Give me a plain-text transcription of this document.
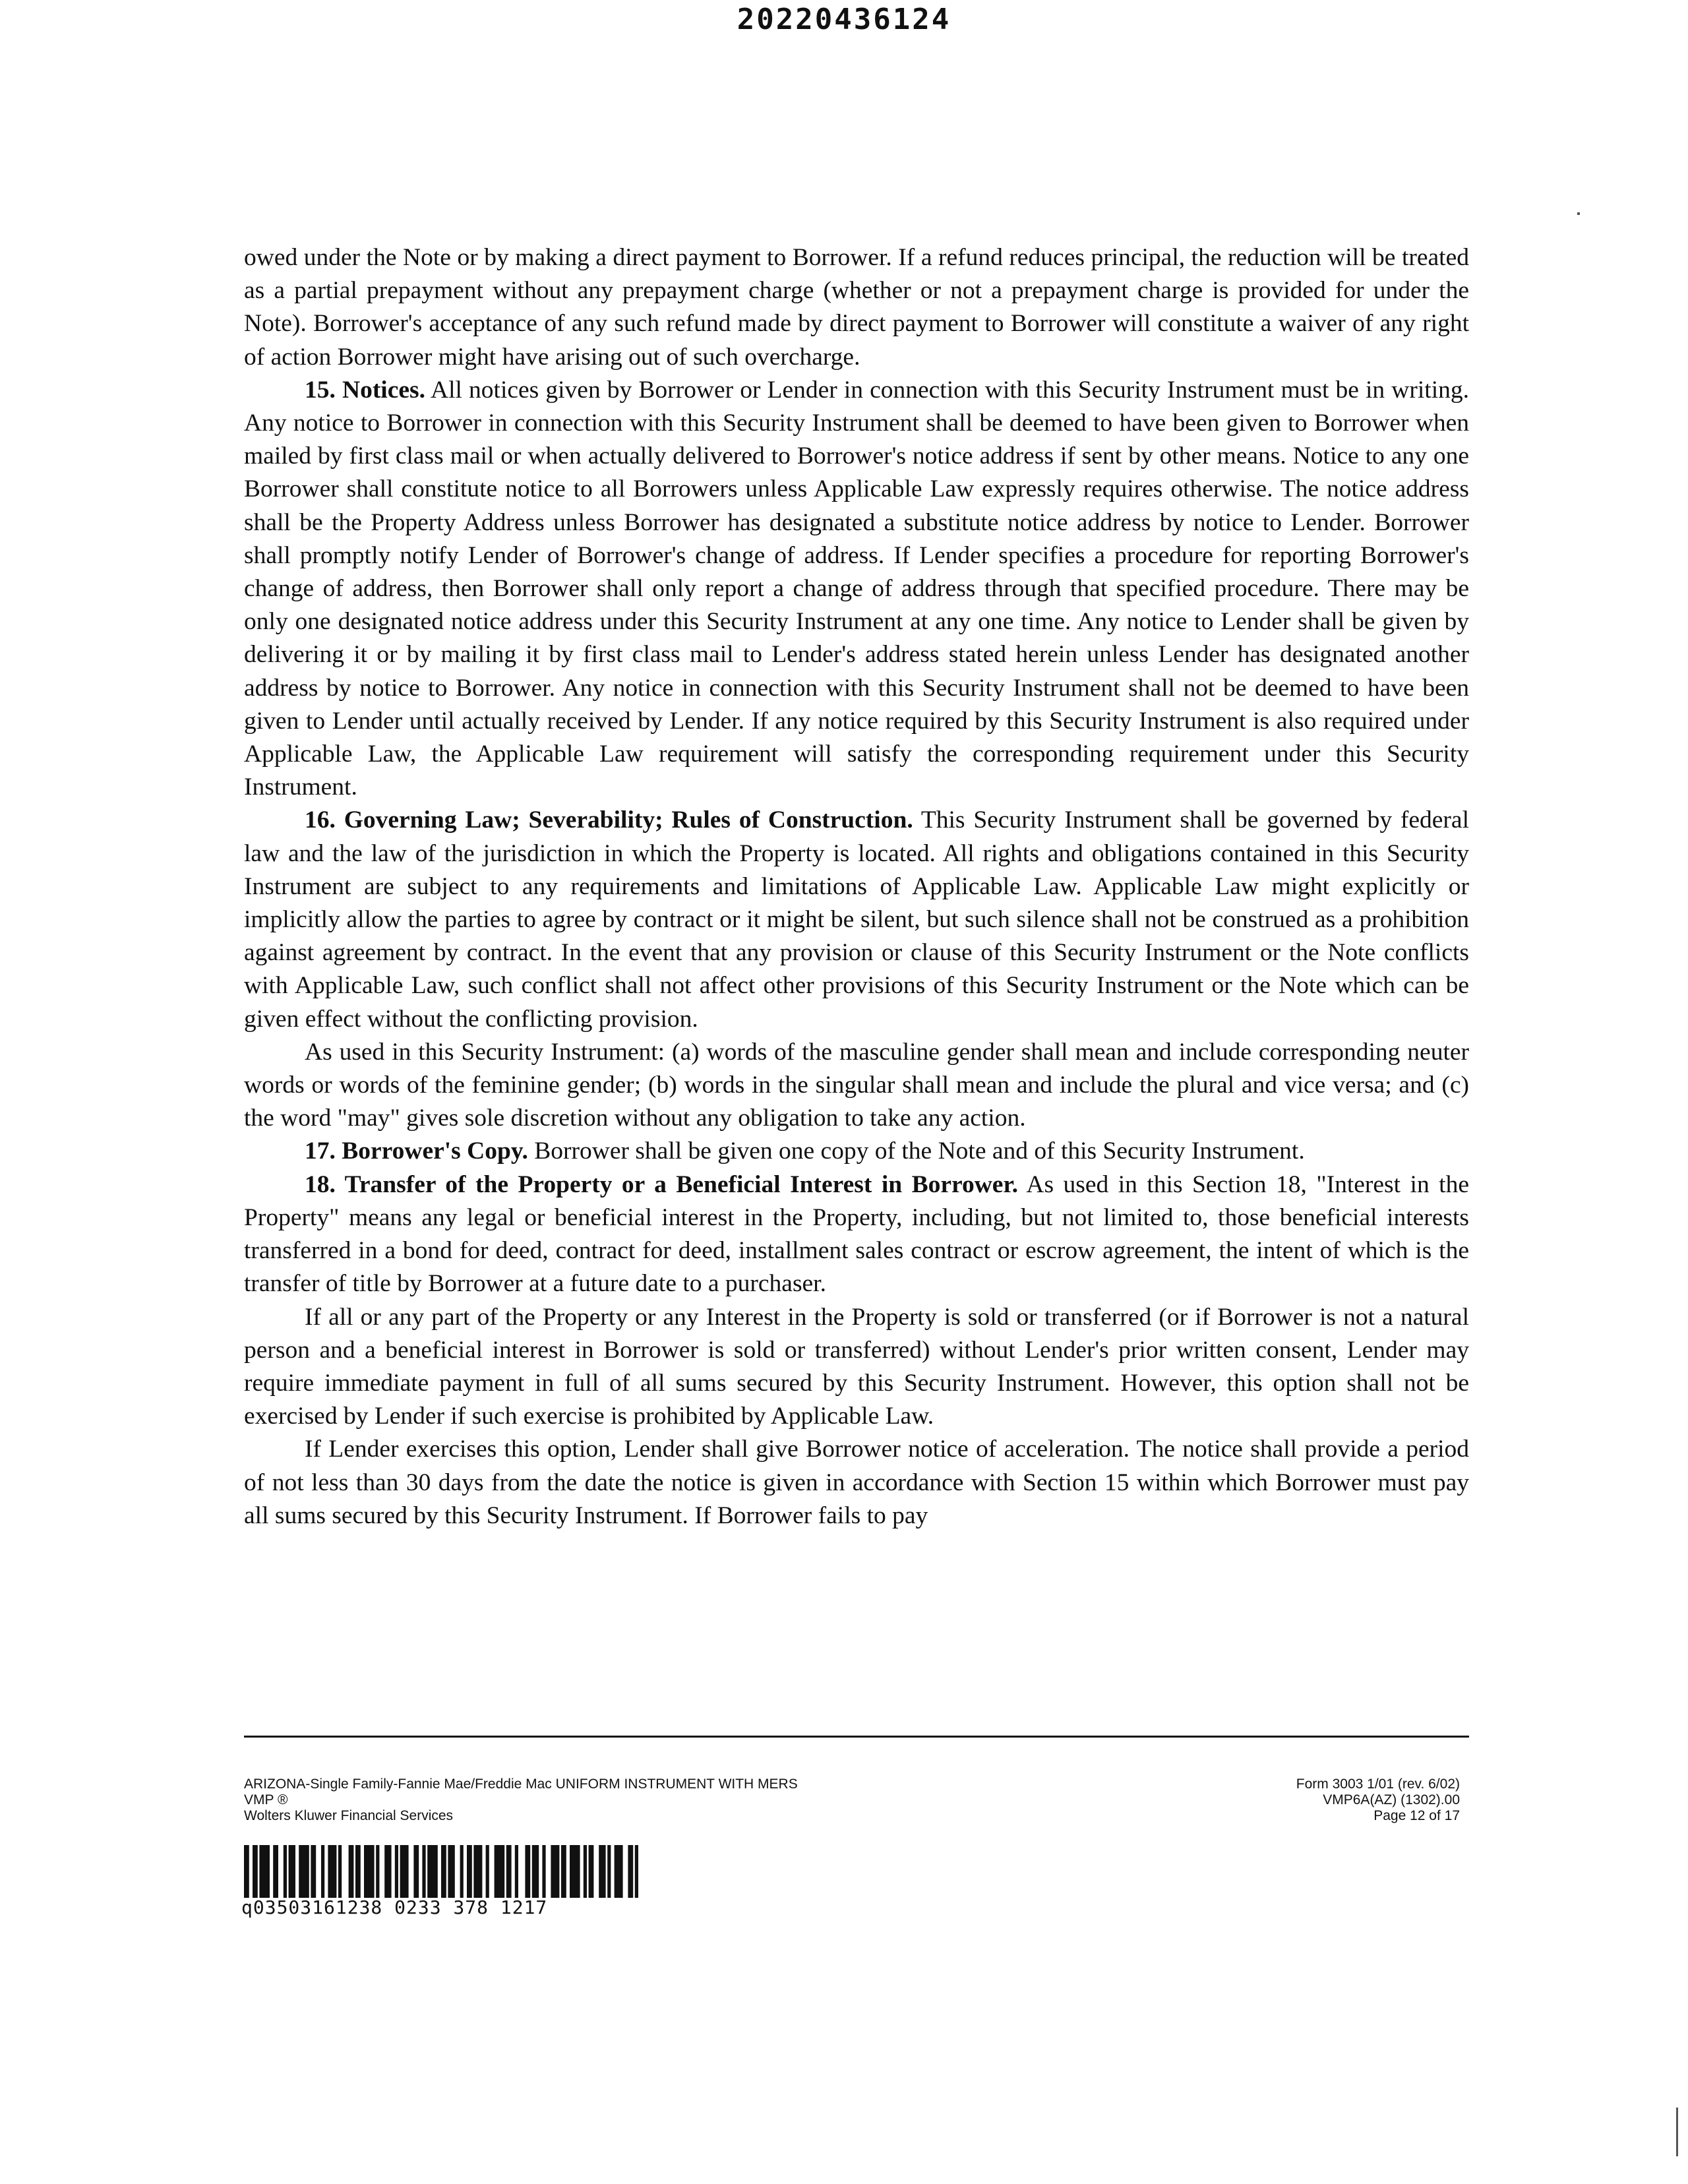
20220436124

owed under the Note or by making a direct payment to Borrower. If a refund reduces principal, the reduction will be treated as a partial prepayment without any prepayment charge (whether or not a prepayment charge is provided for under the Note). Borrower's acceptance of any such refund made by direct payment to Borrower will constitute a waiver of any right of action Borrower might have arising out of such overcharge.

15. Notices. All notices given by Borrower or Lender in connection with this Security Instrument must be in writing. Any notice to Borrower in connection with this Security Instrument shall be deemed to have been given to Borrower when mailed by first class mail or when actually delivered to Borrower's notice address if sent by other means. Notice to any one Borrower shall constitute notice to all Borrowers unless Applicable Law expressly requires otherwise. The notice address shall be the Property Address unless Borrower has designated a substitute notice address by notice to Lender. Borrower shall promptly notify Lender of Borrower's change of address. If Lender specifies a procedure for reporting Borrower's change of address, then Borrower shall only report a change of address through that specified procedure. There may be only one designated notice address under this Security Instrument at any one time. Any notice to Lender shall be given by delivering it or by mailing it by first class mail to Lender's address stated herein unless Lender has designated another address by notice to Borrower. Any notice in connection with this Security Instrument shall not be deemed to have been given to Lender until actually received by Lender. If any notice required by this Security Instrument is also required under Applicable Law, the Applicable Law requirement will satisfy the corresponding requirement under this Security Instrument.

16. Governing Law; Severability; Rules of Construction. This Security Instrument shall be governed by federal law and the law of the jurisdiction in which the Property is located. All rights and obligations contained in this Security Instrument are subject to any requirements and limitations of Applicable Law. Applicable Law might explicitly or implicitly allow the parties to agree by contract or it might be silent, but such silence shall not be construed as a prohibition against agreement by contract. In the event that any provision or clause of this Security Instrument or the Note conflicts with Applicable Law, such conflict shall not affect other provisions of this Security Instrument or the Note which can be given effect without the conflicting provision.

As used in this Security Instrument: (a) words of the masculine gender shall mean and include corresponding neuter words or words of the feminine gender; (b) words in the singular shall mean and include the plural and vice versa; and (c) the word "may" gives sole discretion without any obligation to take any action.

17. Borrower's Copy. Borrower shall be given one copy of the Note and of this Security Instrument.

18. Transfer of the Property or a Beneficial Interest in Borrower. As used in this Section 18, "Interest in the Property" means any legal or beneficial interest in the Property, including, but not limited to, those beneficial interests transferred in a bond for deed, contract for deed, installment sales contract or escrow agreement, the intent of which is the transfer of title by Borrower at a future date to a purchaser.

If all or any part of the Property or any Interest in the Property is sold or transferred (or if Borrower is not a natural person and a beneficial interest in Borrower is sold or transferred) without Lender's prior written consent, Lender may require immediate payment in full of all sums secured by this Security Instrument. However, this option shall not be exercised by Lender if such exercise is prohibited by Applicable Law.

If Lender exercises this option, Lender shall give Borrower notice of acceleration. The notice shall provide a period of not less than 30 days from the date the notice is given in accordance with Section 15 within which Borrower must pay all sums secured by this Security Instrument. If Borrower fails to pay

ARIZONA-Single Family-Fannie Mae/Freddie Mac UNIFORM INSTRUMENT WITH MERS
VMP ®
Wolters Kluwer Financial Services
Form 3003 1/01 (rev. 6/02)
VMP6A(AZ) (1302).00
Page 12 of 17
q03503161238 0233 378 1217
